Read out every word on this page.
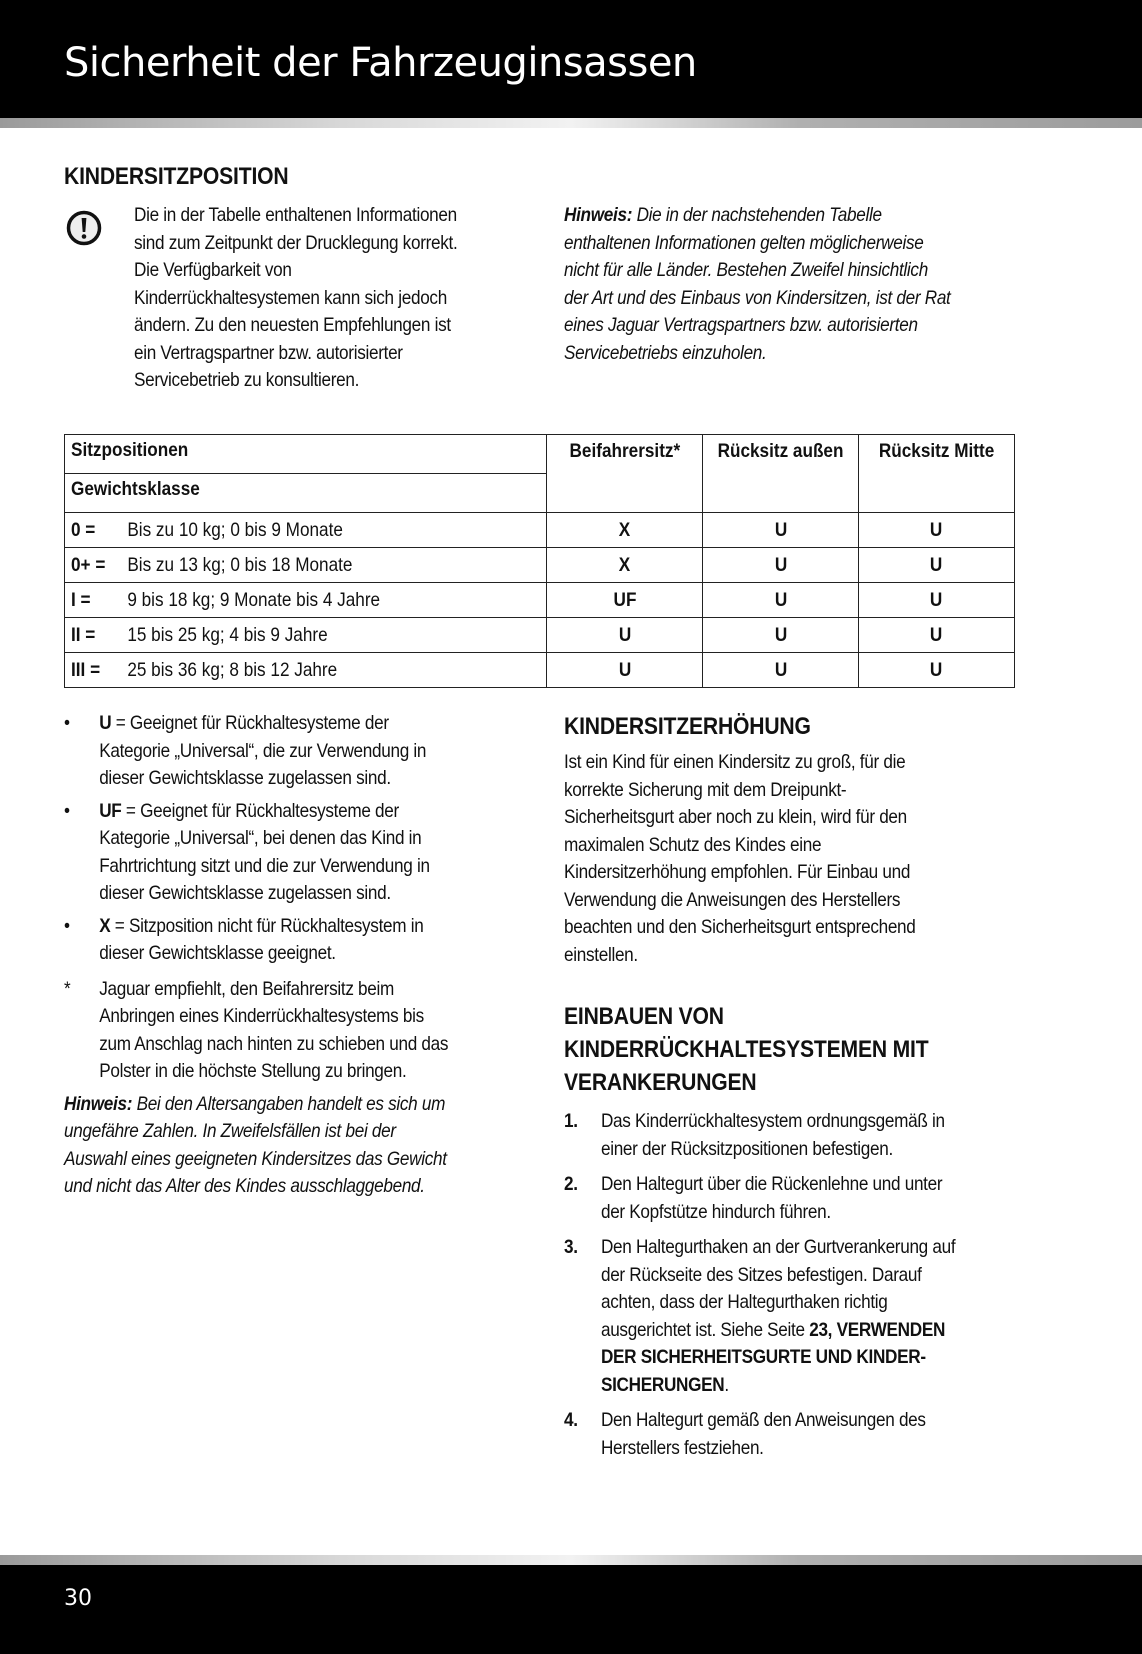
Sicherheit der Fahrzeuginsassen
KINDERSITZPOSITION
Die in der Tabelle enthaltenen Informationen
sind zum Zeitpunkt der Drucklegung korrekt.
Die Verfügbarkeit von
Kinderrückhaltesystemen kann sich jedoch
ändern. Zu den neuesten Empfehlungen ist
ein Vertragspartner bzw. autorisierter
Servicebetrieb zu konsultieren.
Hinweis: Die in der nachstehenden Tabelle
enthaltenen Informationen gelten möglicherweise
nicht für alle Länder. Bestehen Zweifel hinsichtlich
der Art und des Einbaus von Kindersitzen, ist der Rat
eines Jaguar Vertragspartners bzw. autorisierten
Servicebetriebs einzuholen.
Sitzpositionen	Beifahrersitz*	Rücksitz außen	Rücksitz Mitte
Gewichtsklasse			
0 = Bis zu 10 kg; 0 bis 9 Monate	X	U	U
0+ = Bis zu 13 kg; 0 bis 18 Monate	X	U	U
I = 9 bis 18 kg; 9 Monate bis 4 Jahre	UF	U	U
II = 15 bis 25 kg; 4 bis 9 Jahre	U	U	U
III = 25 bis 36 kg; 8 bis 12 Jahre	U	U	U
• U = Geeignet für Rückhaltesysteme der
Kategorie „Universal“, die zur Verwendung in
dieser Gewichtsklasse zugelassen sind.
• UF = Geeignet für Rückhaltesysteme der
Kategorie „Universal“, bei denen das Kind in
Fahrtrichtung sitzt und die zur Verwendung in
dieser Gewichtsklasse zugelassen sind.
• X = Sitzposition nicht für Rückhaltesystem in
dieser Gewichtsklasse geeignet.
* Jaguar empfiehlt, den Beifahrersitz beim
Anbringen eines Kinderrückhaltesystems bis
zum Anschlag nach hinten zu schieben und das
Polster in die höchste Stellung zu bringen.
Hinweis: Bei den Altersangaben handelt es sich um
ungefähre Zahlen. In Zweifelsfällen ist bei der
Auswahl eines geeigneten Kindersitzes das Gewicht
und nicht das Alter des Kindes ausschlaggebend.
KINDERSITZERHÖHUNG
Ist ein Kind für einen Kindersitz zu groß, für die
korrekte Sicherung mit dem Dreipunkt-
Sicherheitsgurt aber noch zu klein, wird für den
maximalen Schutz des Kindes eine
Kindersitzerhöhung empfohlen. Für Einbau und
Verwendung die Anweisungen des Herstellers
beachten und den Sicherheitsgurt entsprechend
einstellen.
EINBAUEN VON
KINDERRÜCKHALTESYSTEMEN MIT
VERANKERUNGEN
1. Das Kinderrückhaltesystem ordnungsgemäß in
einer der Rücksitzpositionen befestigen.
2. Den Haltegurt über die Rückenlehne und unter
der Kopfstütze hindurch führen.
3. Den Haltegurthaken an der Gurtverankerung auf
der Rückseite des Sitzes befestigen. Darauf
achten, dass der Haltegurthaken richtig
ausgerichtet ist. Siehe Seite 23, VERWENDEN
DER SICHERHEITSGURTE UND KINDER-
SICHERUNGEN.
4. Den Haltegurt gemäß den Anweisungen des
Herstellers festziehen.
30
